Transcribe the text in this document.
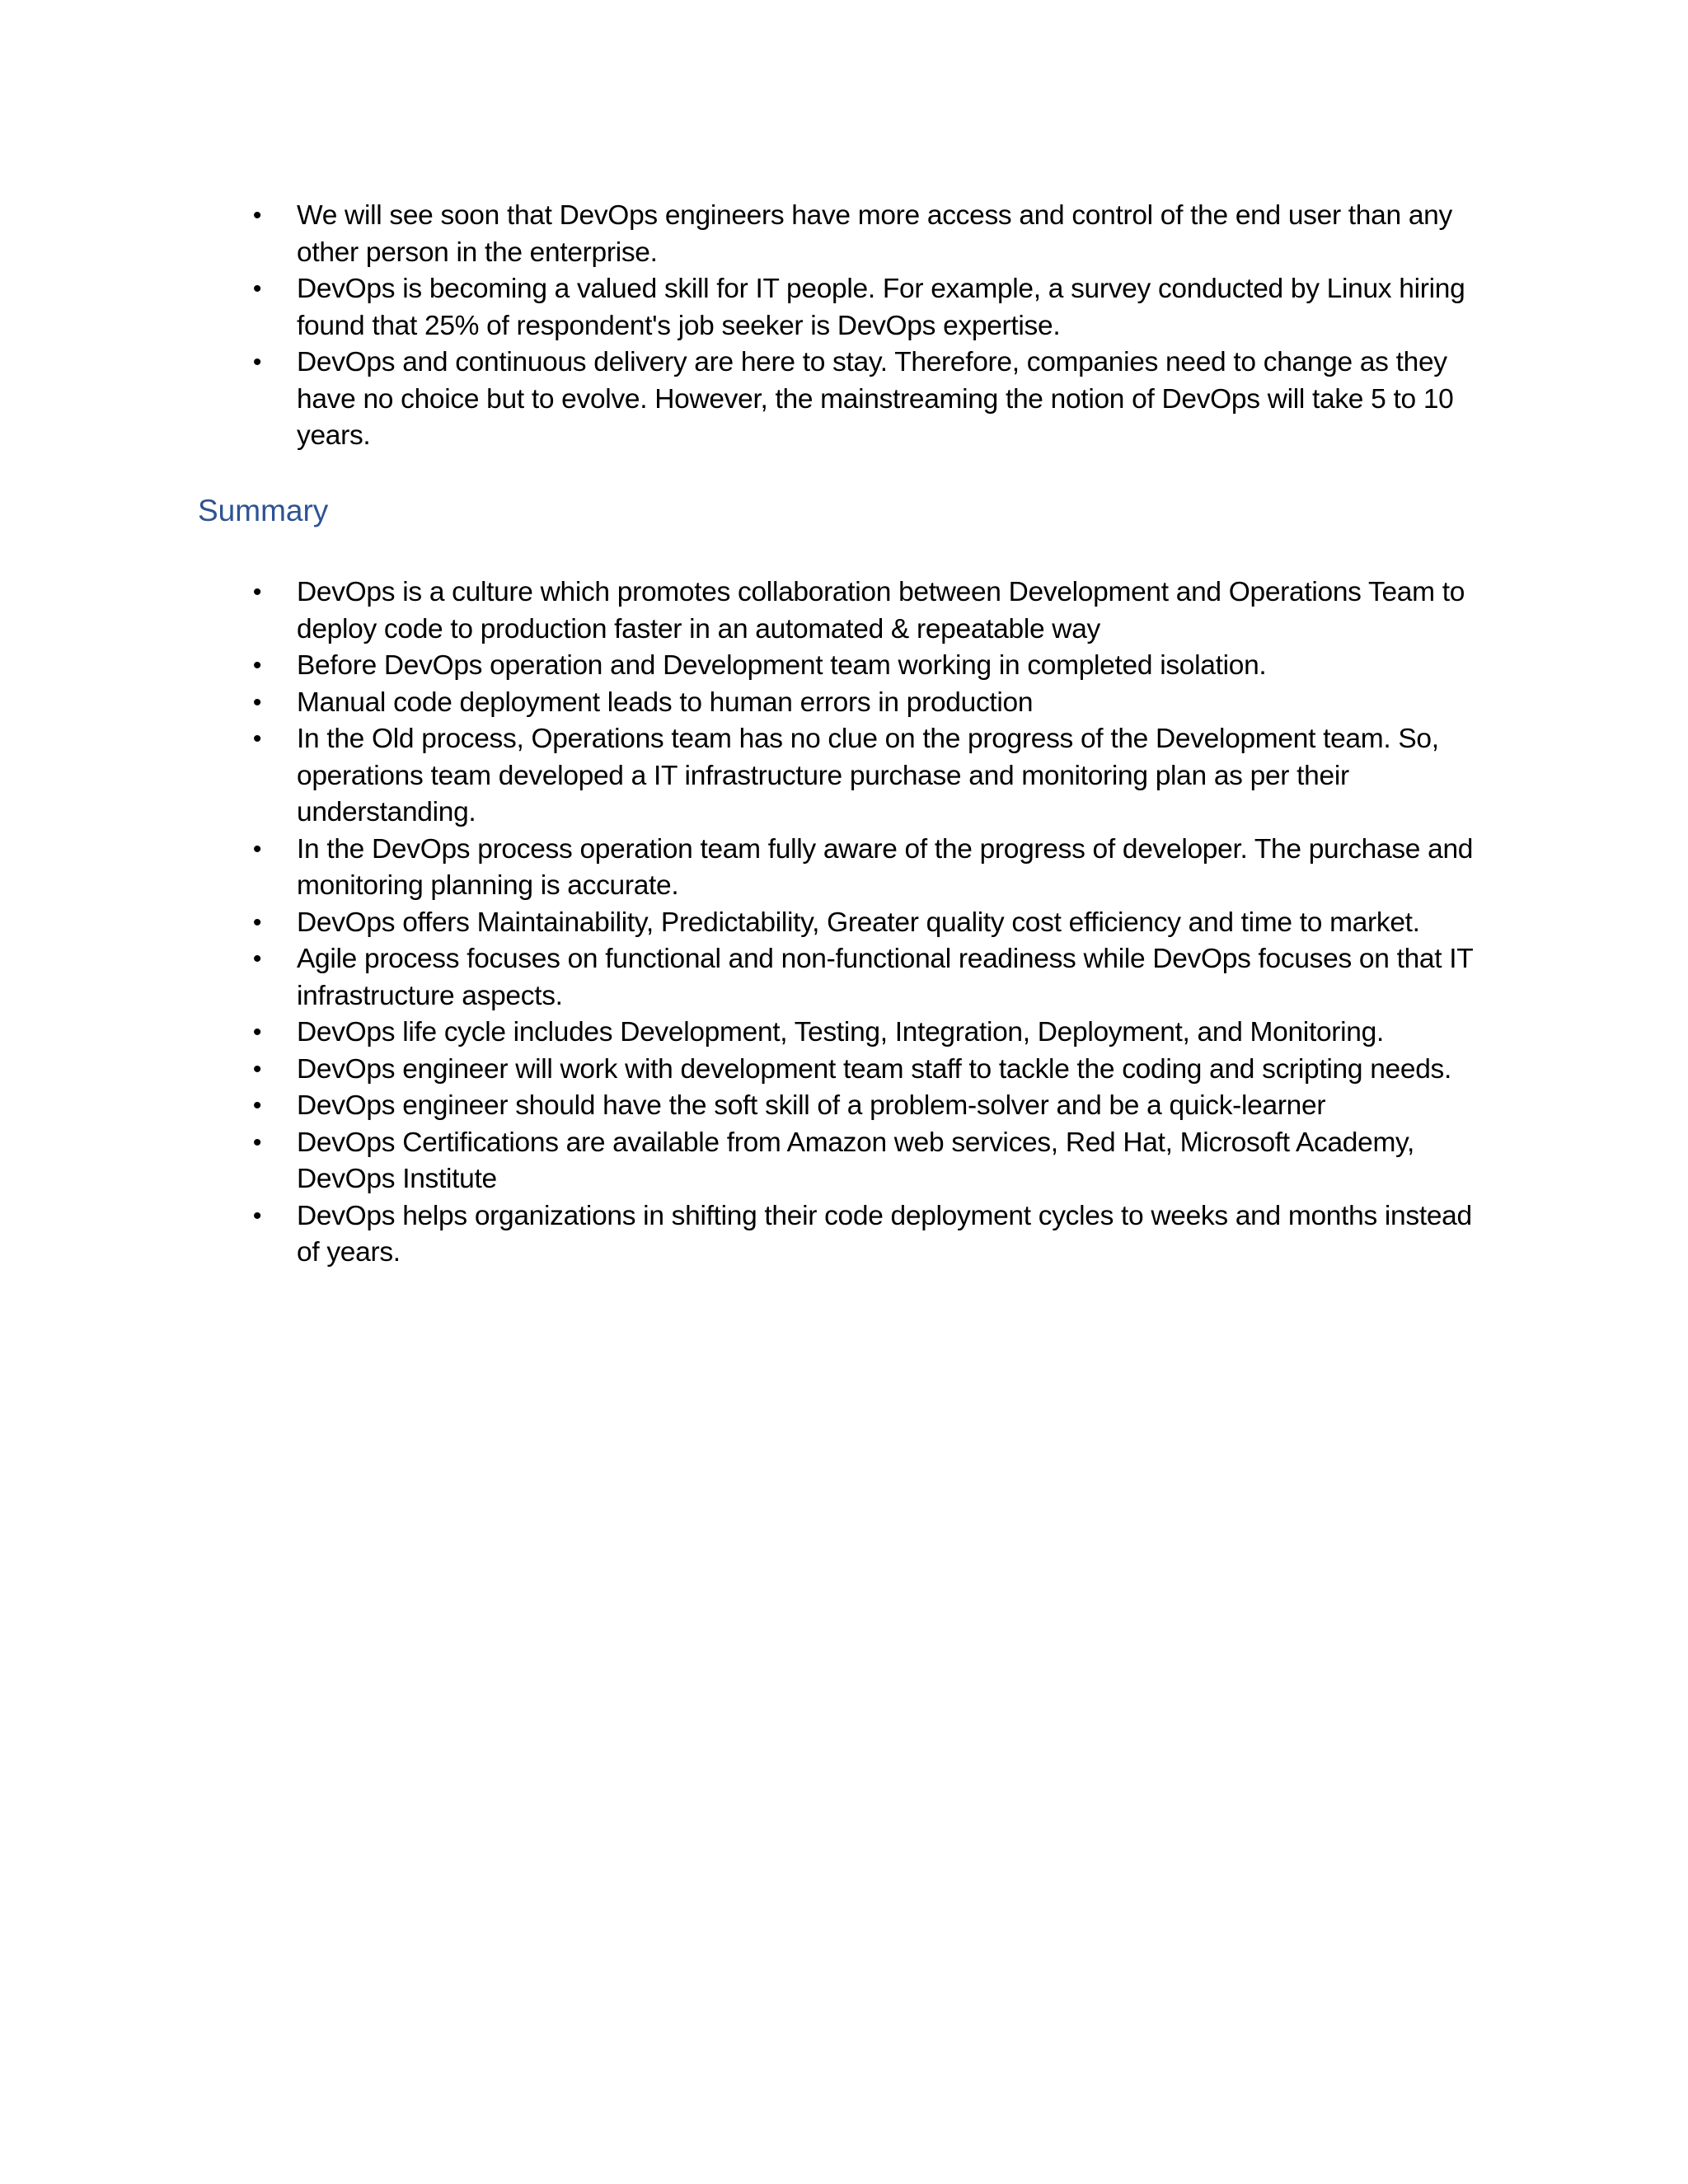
•
We will see soon that DevOps engineers have more access and control of the end user than any other person in the enterprise.
•
DevOps is becoming a valued skill for IT people. For example, a survey conducted by Linux hiring found that 25% of respondent's job seeker is DevOps expertise.
•
DevOps and continuous delivery are here to stay. Therefore, companies need to change as they have no choice but to evolve. However, the mainstreaming the notion of DevOps will take 5 to 10 years.
Summary
•
DevOps is a culture which promotes collaboration between Development and Operations Team to deploy code to production faster in an automated & repeatable way
•
Before DevOps operation and Development team working in completed isolation.
•
Manual code deployment leads to human errors in production
•
In the Old process, Operations team has no clue on the progress of the Development team. So, operations team developed a IT infrastructure purchase and monitoring plan as per their understanding.
•
In the DevOps process operation team fully aware of the progress of developer. The purchase and monitoring planning is accurate.
•
DevOps offers Maintainability, Predictability, Greater quality cost efficiency and time to market.
•
Agile process focuses on functional and non-functional readiness while DevOps focuses on that IT infrastructure aspects.
•
DevOps life cycle includes Development, Testing, Integration, Deployment, and Monitoring.
•
DevOps engineer will work with development team staff to tackle the coding and scripting needs.
•
DevOps engineer should have the soft skill of a problem-solver and be a quick-learner
•
DevOps Certifications are available from Amazon web services, Red Hat, Microsoft Academy, DevOps Institute
•
DevOps helps organizations in shifting their code deployment cycles to weeks and months instead of years.
